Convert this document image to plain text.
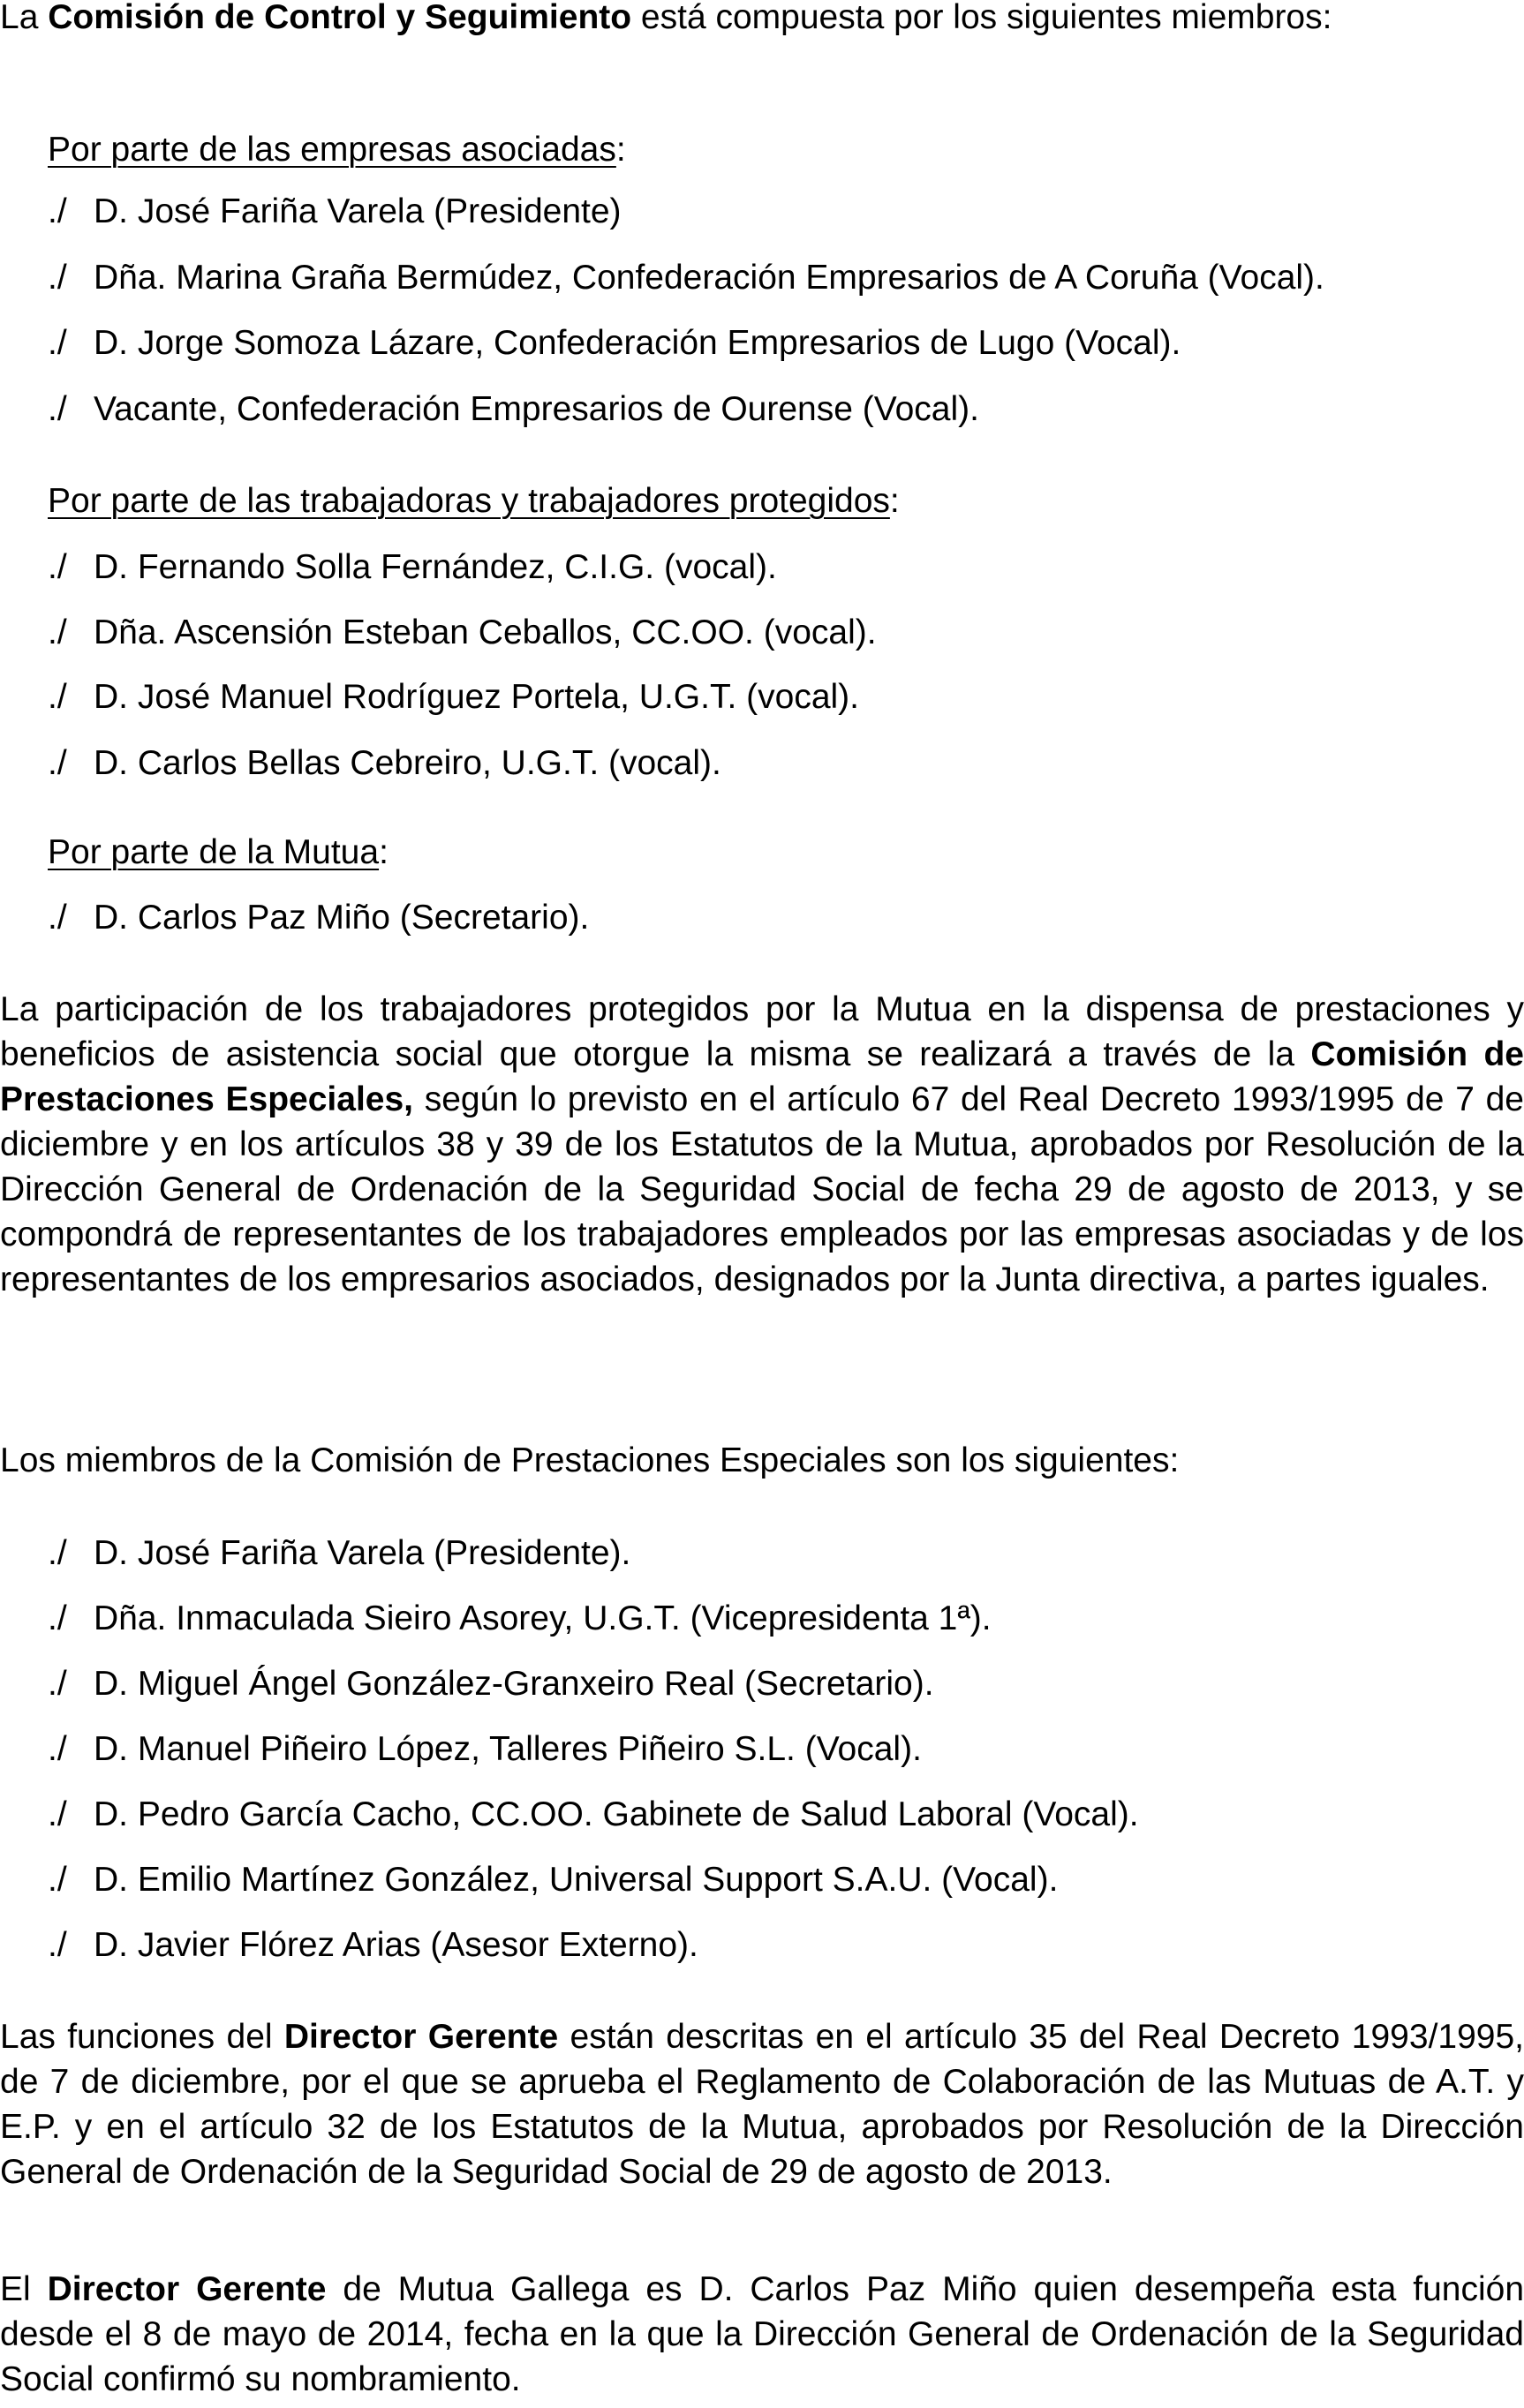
La Comisión de Control y Seguimiento está compuesta por los siguientes miembros:

Por parte de las empresas asociadas:
./ D. José Fariña Varela (Presidente)
./ Dña. Marina Graña Bermúdez, Confederación Empresarios de A Coruña (Vocal).
./ D. Jorge Somoza Lázare, Confederación Empresarios de Lugo (Vocal).
./ Vacante, Confederación Empresarios de Ourense (Vocal).
Por parte de las trabajadoras y trabajadores protegidos:
./ D. Fernando Solla Fernández, C.I.G. (vocal).
./ Dña. Ascensión Esteban Ceballos, CC.OO. (vocal).
./ D. José Manuel Rodríguez Portela, U.G.T. (vocal).
./ D. Carlos Bellas Cebreiro, U.G.T. (vocal).
Por parte de la Mutua:
./ D. Carlos Paz Miño (Secretario).

La participación de los trabajadores protegidos por la Mutua en la dispensa de prestaciones y beneficios de asistencia social que otorgue la misma se realizará a través de la Comisión de Prestaciones Especiales, según lo previsto en el artículo 67 del Real Decreto 1993/1995 de 7 de diciembre y en los artículos 38 y 39 de los Estatutos de la Mutua, aprobados por Resolución de la Dirección General de Ordenación de la Seguridad Social de fecha 29 de agosto de 2013, y se compondrá de representantes de los trabajadores empleados por las empresas asociadas y de los representantes de los empresarios asociados, designados por la Junta directiva, a partes iguales.

Los miembros de la Comisión de Prestaciones Especiales son los siguientes:
./ D. José Fariña Varela (Presidente).
./ Dña. Inmaculada Sieiro Asorey, U.G.T. (Vicepresidenta 1ª).
./ D. Miguel Ángel González-Granxeiro Real (Secretario).
./ D. Manuel Piñeiro López, Talleres Piñeiro S.L. (Vocal).
./ D. Pedro García Cacho, CC.OO. Gabinete de Salud Laboral (Vocal).
./ D. Emilio Martínez González, Universal Support S.A.U. (Vocal).
./ D. Javier Flórez Arias (Asesor Externo).

Las funciones del Director Gerente están descritas en el artículo 35 del Real Decreto 1993/1995, de 7 de diciembre, por el que se aprueba el Reglamento de Colaboración de las Mutuas de A.T. y E.P. y en el artículo 32 de los Estatutos de la Mutua, aprobados por Resolución de la Dirección General de Ordenación de la Seguridad Social de 29 de agosto de 2013.

El Director Gerente de Mutua Gallega es D. Carlos Paz Miño quien desempeña esta función desde el 8 de mayo de 2014, fecha en la que la Dirección General de Ordenación de la Seguridad Social confirmó su nombramiento.
